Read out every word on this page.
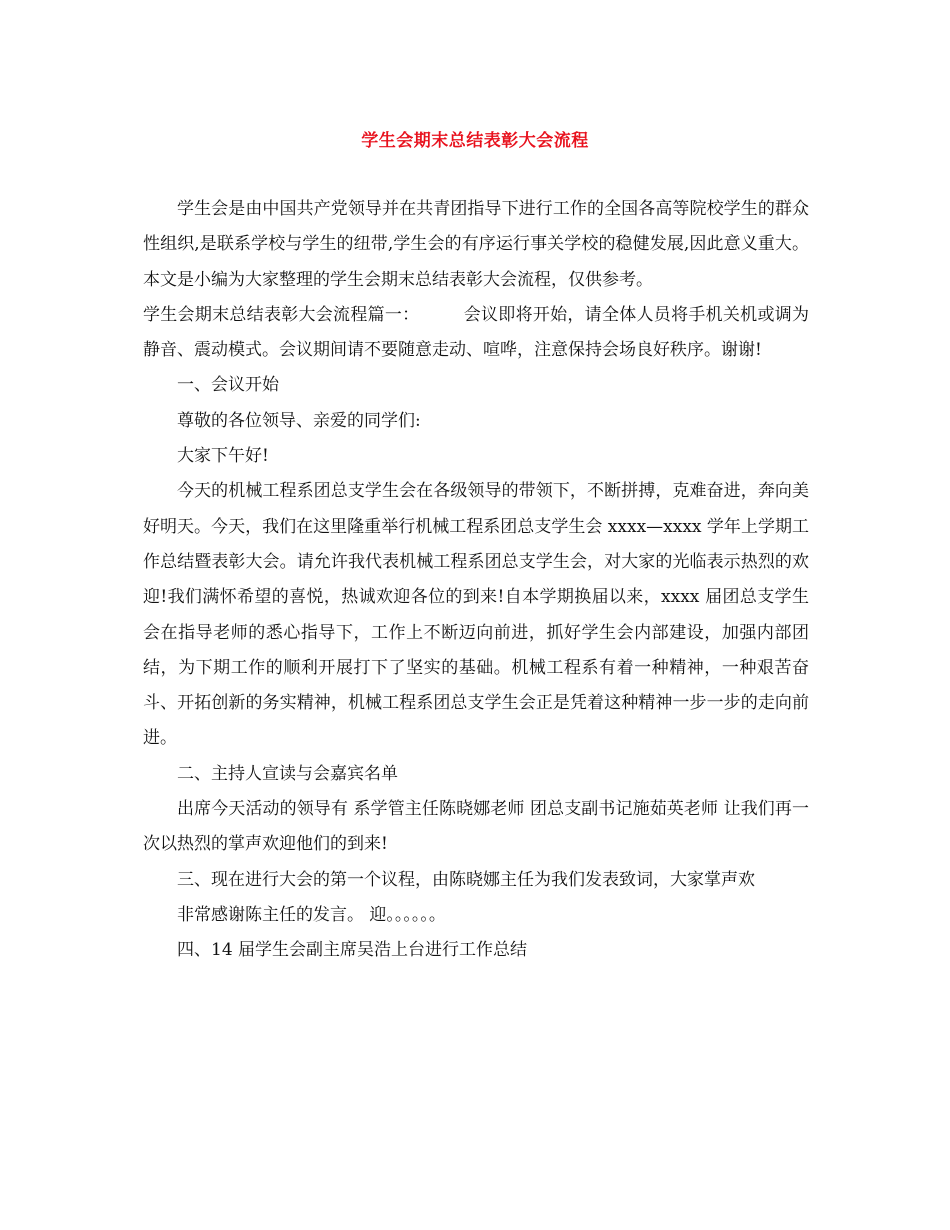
学生会期末总结表彰大会流程

学生会是由中国共产党领导并在共青团指导下进行工作的全国各高等院校学生的群众性组织,是联系学校与学生的纽带,学生会的有序运行事关学校的稳健发展,因此意义重大。本文是小编为大家整理的学生会期末总结表彰大会流程，仅供参考。

学生会期末总结表彰大会流程篇一：	会议即将开始，请全体人员将手机关机或调为静音、震动模式。会议期间请不要随意走动、喧哗，注意保持会场良好秩序。谢谢!

一、会议开始

尊敬的各位领导、亲爱的同学们:

大家下午好!

今天的机械工程系团总支学生会在各级领导的带领下，不断拼搏，克难奋进，奔向美好明天。今天，我们在这里隆重举行机械工程系团总支学生会 xxxx—xxxx 学年上学期工作总结暨表彰大会。请允许我代表机械工程系团总支学生会，对大家的光临表示热烈的欢迎!我们满怀希望的喜悦，热诚欢迎各位的到来!自本学期换届以来，xxxx 届团总支学生会在指导老师的悉心指导下，工作上不断迈向前进，抓好学生会内部建设，加强内部团结，为下期工作的顺利开展打下了坚实的基础。机械工程系有着一种精神，一种艰苦奋斗、开拓创新的务实精神，机械工程系团总支学生会正是凭着这种精神一步一步的走向前进。

二、主持人宣读与会嘉宾名单

出席今天活动的领导有 系学管主任陈晓娜老师 团总支副书记施茹英老师 让我们再一次以热烈的掌声欢迎他们的到来!

三、现在进行大会的第一个议程，由陈晓娜主任为我们发表致词，大家掌声欢

非常感谢陈主任的发言。 迎。。。。。。

四、14 届学生会副主席吴浩上台进行工作总结
